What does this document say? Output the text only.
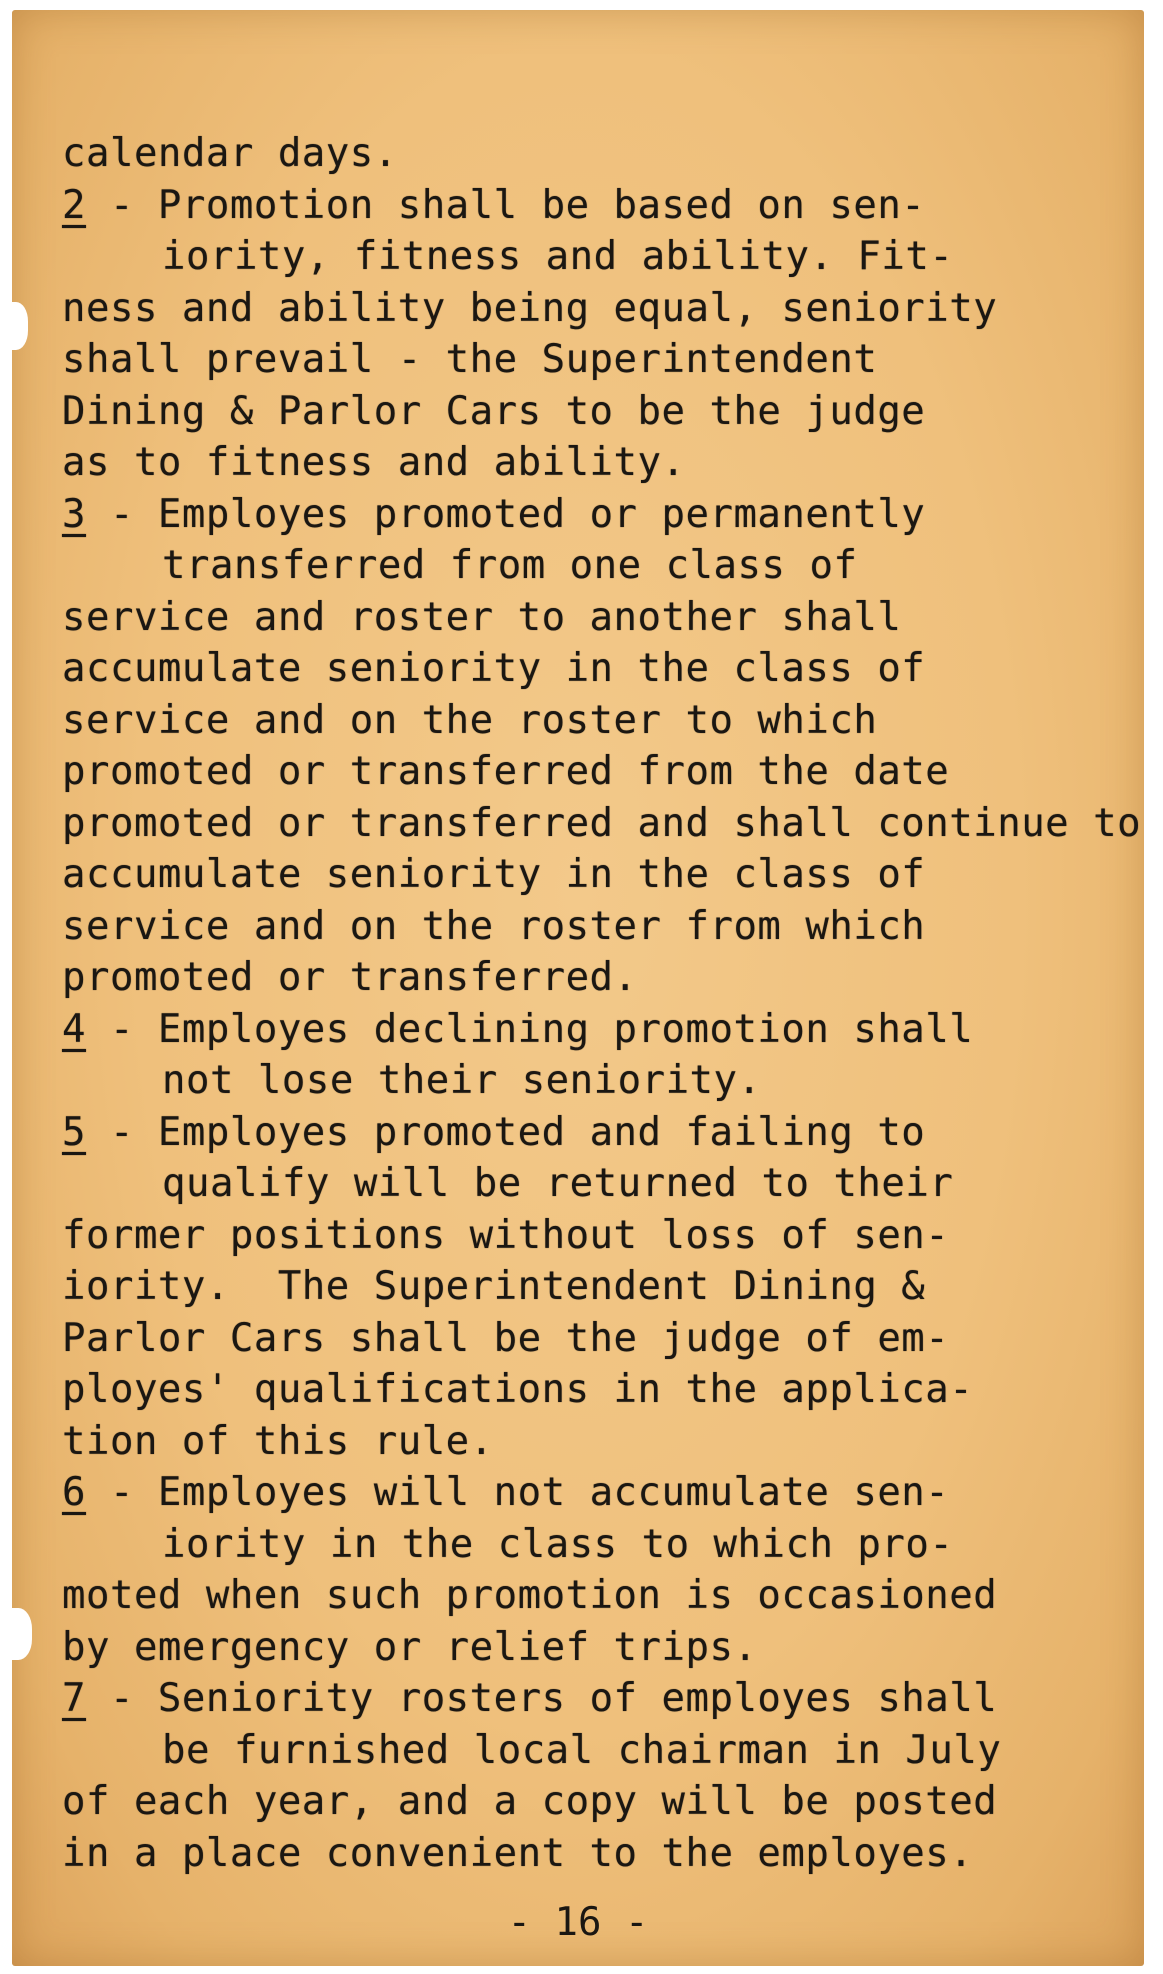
calendar days.
2 - Promotion shall be based on sen-
iority, fitness and ability. Fit-
ness and ability being equal, seniority
shall prevail - the Superintendent
Dining & Parlor Cars to be the judge
as to fitness and ability.
3 - Employes promoted or permanently
transferred from one class of
service and roster to another shall
accumulate seniority in the class of
service and on the roster to which
promoted or transferred from the date
promoted or transferred and shall continue to
accumulate seniority in the class of
service and on the roster from which
promoted or transferred.
4 - Employes declining promotion shall
not lose their seniority.
5 - Employes promoted and failing to
qualify will be returned to their
former positions without loss of sen-
iority.  The Superintendent Dining &
Parlor Cars shall be the judge of em-
ployes' qualifications in the applica-
tion of this rule.
6 - Employes will not accumulate sen-
iority in the class to which pro-
moted when such promotion is occasioned
by emergency or relief trips.
7 - Seniority rosters of employes shall
be furnished local chairman in July
of each year, and a copy will be posted
in a place convenient to the employes.
- 16 -
